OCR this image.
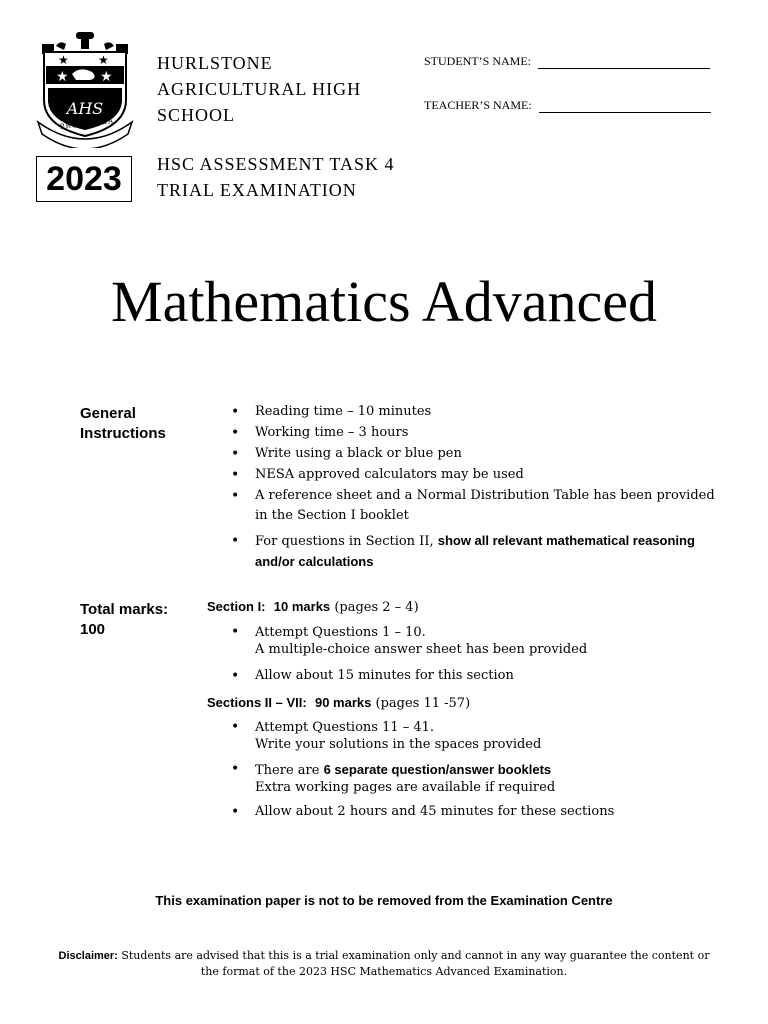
★ ★
★ ★
AHS
PRO PATRIA
HURLSTONE
AGRICULTURAL HIGH
SCHOOL
2023	HSC ASSESSMENT TASK 4
TRIAL EXAMINATION
STUDENT’S NAME:
TEACHER’S NAME:
Mathematics Advanced
General
Instructions
• Reading time – 10 minutes
• Working time – 3 hours
• Write using a black or blue pen
• NESA approved calculators may be used
• A reference sheet and a Normal Distribution Table has been provided in the Section I booklet
• For questions in Section II, show all relevant mathematical reasoning and/or calculations
Total marks:
100
Section I: 10 marks (pages 2 – 4)
• Attempt Questions 1 – 10.
A multiple-choice answer sheet has been provided
• Allow about 15 minutes for this section
Sections II – VII: 90 marks (pages 11 -57)
• Attempt Questions 11 – 41.
Write your solutions in the spaces provided
• There are 6 separate question/answer booklets
Extra working pages are available if required
• Allow about 2 hours and 45 minutes for these sections
This examination paper is not to be removed from the Examination Centre
Disclaimer: Students are advised that this is a trial examination only and cannot in any way guarantee the content or the format of the 2023 HSC Mathematics Advanced Examination.
